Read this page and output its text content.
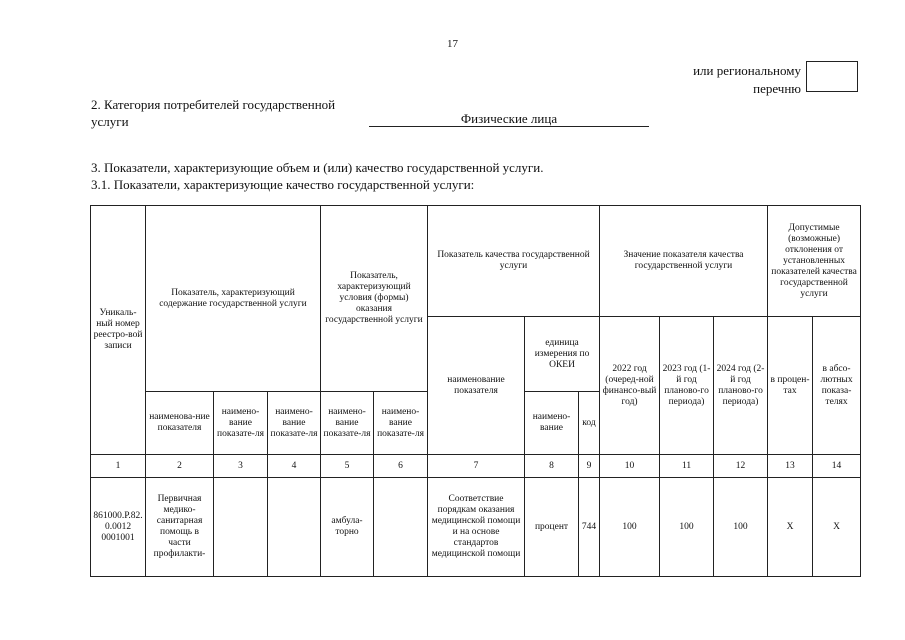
17
или региональному
перечню
2. Категория потребителей государственной
услуги	Физические лица
3. Показатели, характеризующие объем и (или) качество государственной услуги.
3.1. Показатели, характеризующие качество государственной услуги:
Уникаль-ный номер реестро-вой записи	Показатель, характеризующий содержание государственной услуги			Показатель, характеризующий условия (формы) оказания государственной услуги		Показатель качества государственной услуги			Значение показателя качества государственной услуги			Допустимые (возможные) отклонения от установленных показателей качества государственной услуги	
						наименование показателя	единица измерения по ОКЕИ		2022 год (очеред-ной финансо-вый год)	2023 год (1-й год планово-го периода)	2024 год (2-й год планово-го периода)	в процен-тах	в абсо-лютных показа-телях
	наименова-ние показателя	наимено-вание показате-ля	наимено-вание показате-ля	наимено-вание показате-ля	наимено-вание показате-ля		наимено-вание	код					
1	2	3	4	5	6	7	8	9	10	11	12	13	14
861000.Р.82.0.0012 0001001	Первичная медико-санитарная помощь в части профилакти-			амбула-торно		Соответствие порядкам оказания медицинской помощи и на основе стандартов медицинской помощи	процент	744	100	100	100	Х	Х
